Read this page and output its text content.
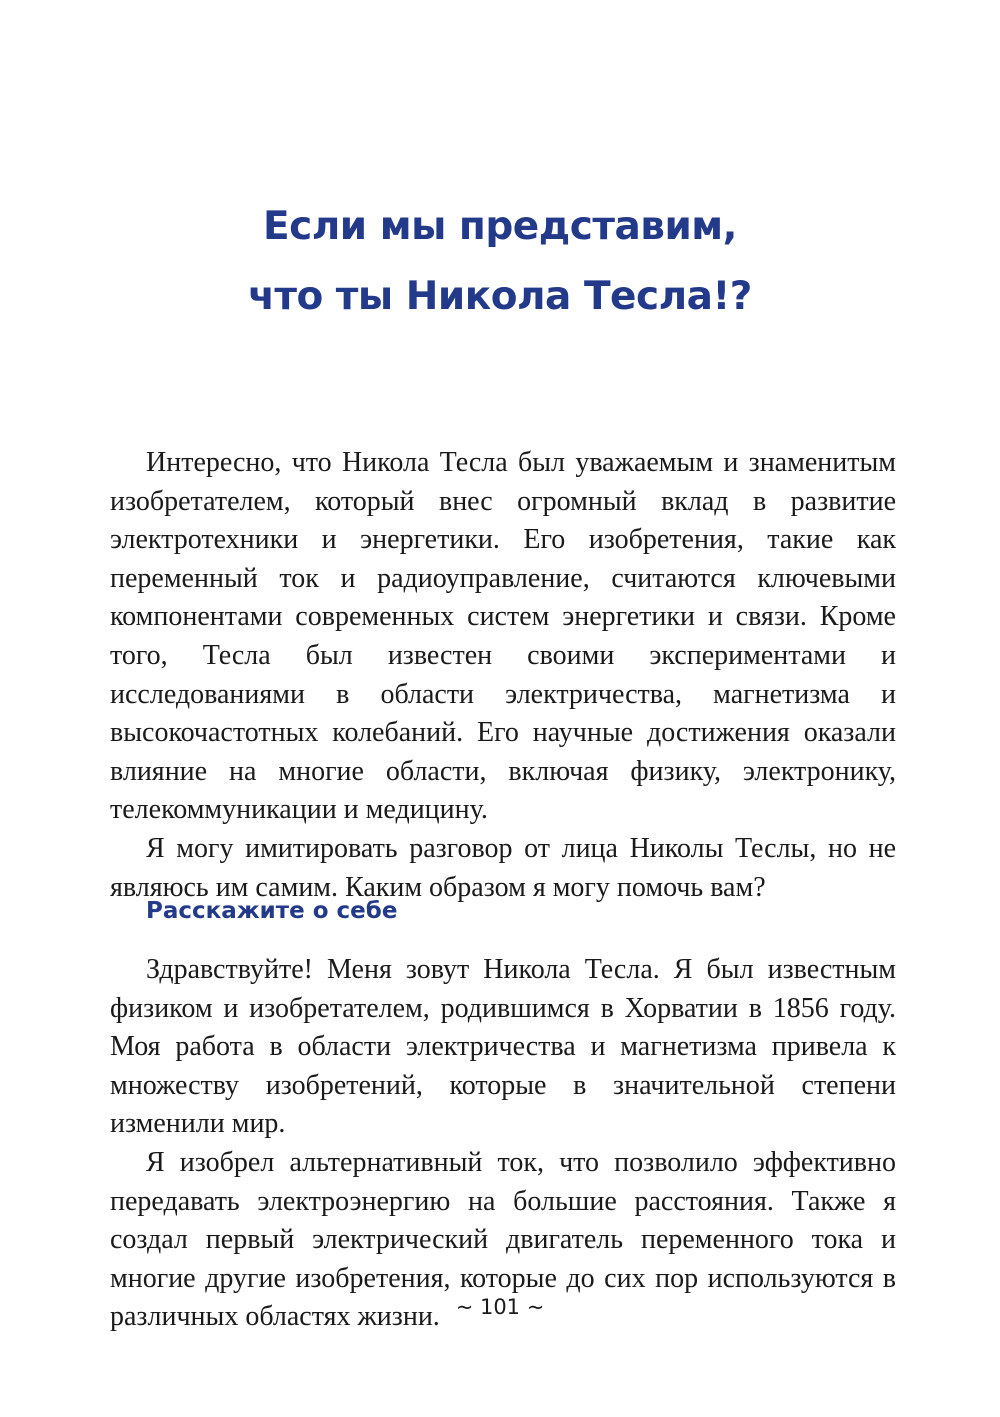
Если мы представим,
что ты Никола Тесла!?

Интересно, что Никола Тесла был уважаемым и знаменитым изобретателем, который внес огромный вклад в развитие электротехники и энергетики. Его изобретения, такие как переменный ток и радиоуправление, считаются ключевыми компонентами современных систем энергетики и связи. Кроме того, Тесла был известен своими экспериментами и исследованиями в области электричества, магнетизма и высокочастотных колебаний. Его научные достижения оказали влияние на многие области, включая физику, электронику, телекоммуникации и медицину.

Я могу имитировать разговор от лица Николы Теслы, но не являюсь им самим. Каким образом я могу помочь вам?

Расскажите о себе

Здравствуйте! Меня зовут Никола Тесла. Я был известным физиком и изобретателем, родившимся в Хорватии в 1856 году. Моя работа в области электричества и магнетизма привела к множеству изобретений, которые в значительной степени изменили мир.

Я изобрел альтернативный ток, что позволило эффективно передавать электроэнергию на большие расстояния. Также я создал первый электрический двигатель переменного тока и многие другие изобретения, которые до сих пор используются в различных областях жизни. ~ 101 ~
